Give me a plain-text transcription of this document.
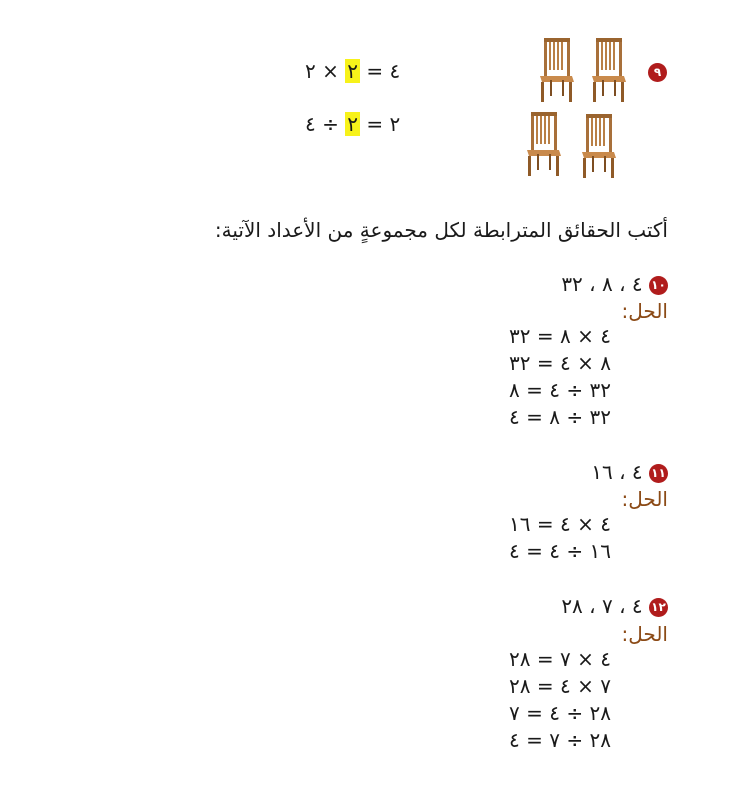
٩
٤ = ٢ × ٢
٢ = ٢ ÷ ٤
أكتب الحقائق المترابطة لكل مجموعةٍ من الأعداد الآتية:
١٠ ٤ ، ٨ ، ٣٢
الحل:
٤ × ٨ = ٣٢
٨ × ٤ = ٣٢
٣٢ ÷ ٤ = ٨
٣٢ ÷ ٨ = ٤
١١ ٤ ، ١٦
الحل:
٤ × ٤ = ١٦
١٦ ÷ ٤ = ٤
١٢ ٤ ، ٧ ، ٢٨
الحل:
٤ × ٧ = ٢٨
٧ × ٤ = ٢٨
٢٨ ÷ ٤ = ٧
٢٨ ÷ ٧ = ٤
